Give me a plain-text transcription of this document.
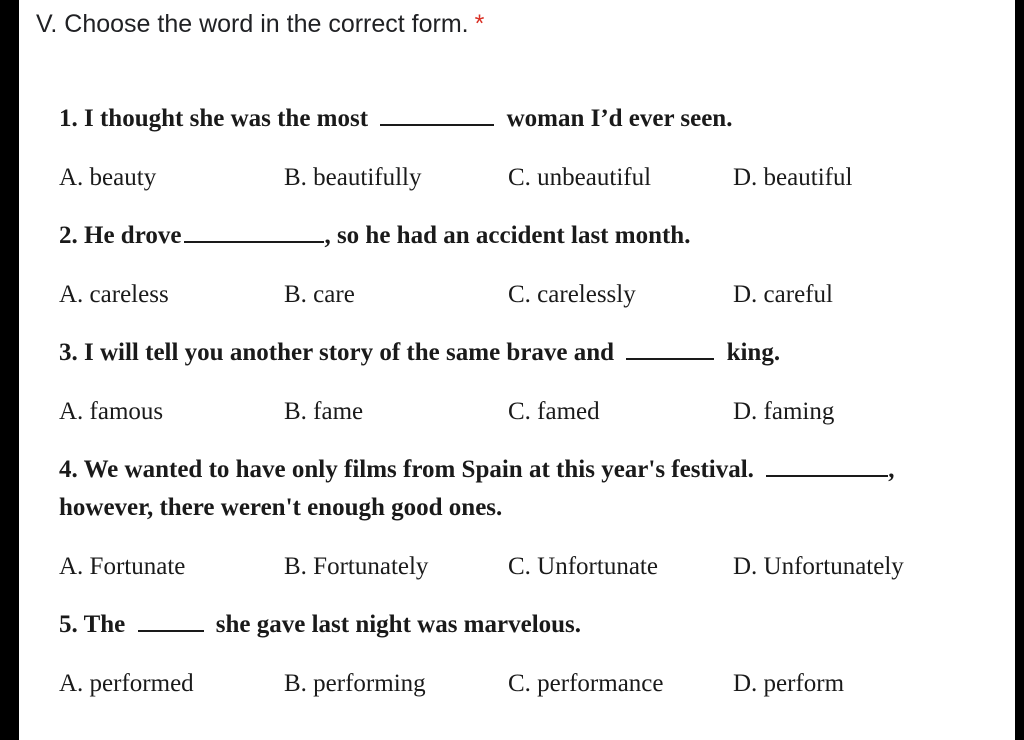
V. Choose the word in the correct form. *

1. I thought she was the most	woman I’d ever seen.

A. beauty	B. beautifully	C. unbeautiful	D. beautiful

2. He drove	, so he had an accident last month.

A. careless	B. care	C. carelessly	D. careful

3. I will tell you another story of the same brave and	king.

A. famous	B. fame	C. famed	D. faming

4. We wanted to have only films from Spain at this year's festival.	,

however, there weren't enough good ones.

A. Fortunate	B. Fortunately	C. Unfortunate	D. Unfortunately

5. The	she gave last night was marvelous.

A. performed	B. performing	C. performance	D. perform
